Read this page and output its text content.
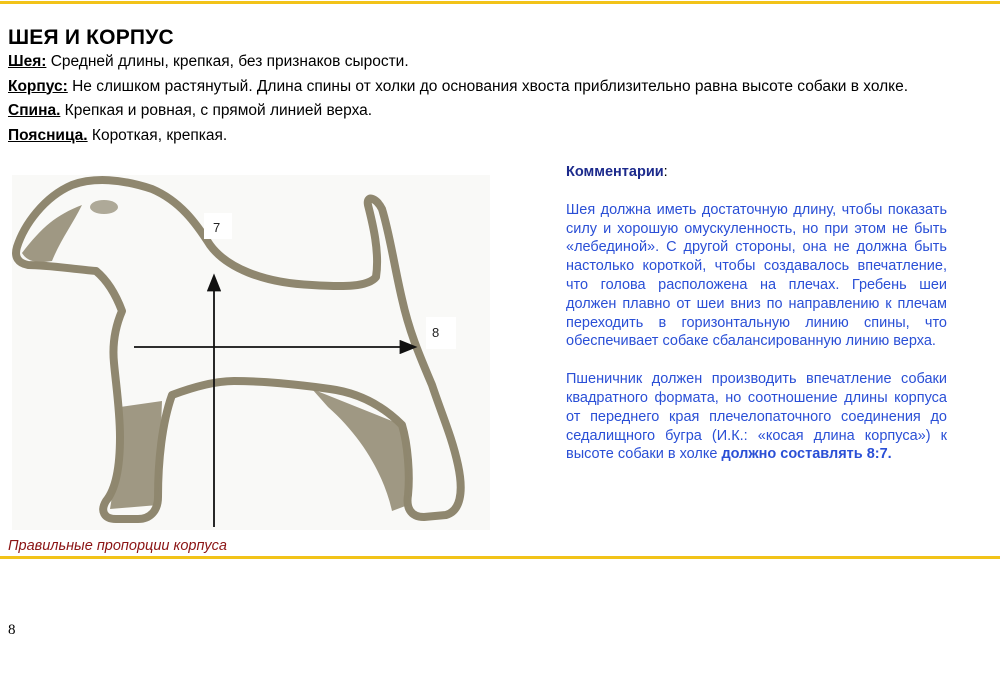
ШЕЯ И КОРПУС
Шея: Средней длины, крепкая, без признаков сырости.
Корпус: Не слишком растянутый. Длина спины от холки до основания хвоста приблизительно равна высоте собаки в холке.
Спина. Крепкая и ровная, с прямой линией верха.
Поясница. Короткая, крепкая.
7
8
Правильные пропорции корпуса
Комментарии:

Шея должна иметь достаточную длину, чтобы показать силу и хорошую омускуленность, но при этом не быть «лебединой». С другой стороны, она не должна быть настолько короткой, чтобы создавалось впечатление, что голова расположена на плечах. Гребень шеи должен плавно от шеи вниз по направлению к плечам переходить в горизонтальную линию спины, что обеспечивает собаке сбалансированную линию верха.

Пшеничник должен производить впечатление собаки квадратного формата, но соотношение длины корпуса от переднего края плечелопаточного соединения до седалищного бугра (И.К.: «косая длина корпуса») к высоте собаки в холке должно составлять 8:7.

8
